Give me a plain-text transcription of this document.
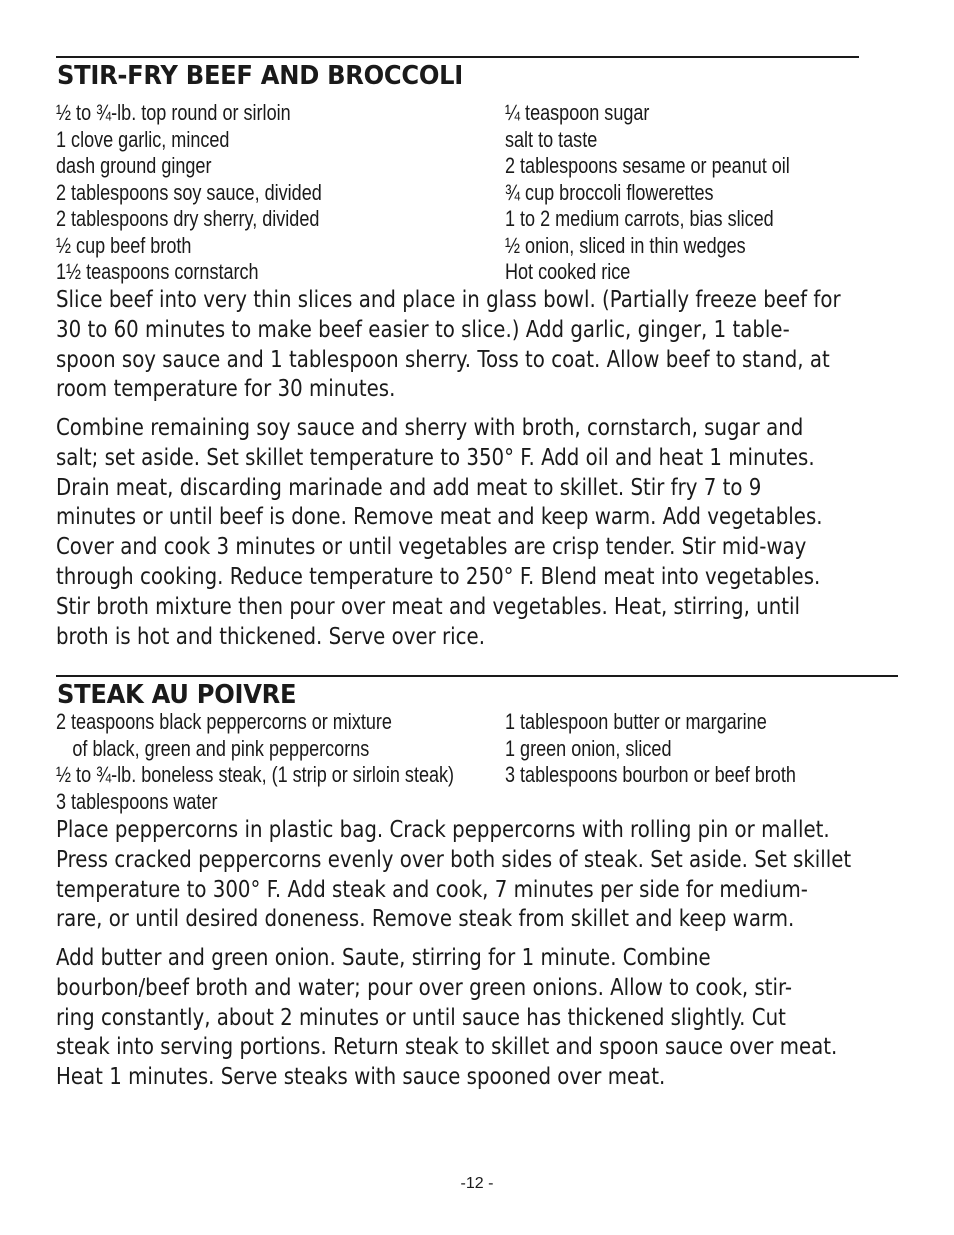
STIR-FRY BEEF AND BROCCOLI
½ to ¾-lb. top round or sirloin
1 clove garlic, minced
dash ground ginger
2 tablespoons soy sauce, divided
2 tablespoons dry sherry, divided
½ cup beef broth
1½ teaspoons cornstarch
¼ teaspoon sugar
salt to taste
2 tablespoons sesame or peanut oil
¾ cup broccoli flowerettes
1 to 2 medium carrots, bias sliced
½ onion, sliced in thin wedges
Hot cooked rice
Slice beef into very thin slices and place in glass bowl. (Partially freeze beef for
30 to 60 minutes to make beef easier to slice.) Add garlic, ginger, 1 table-
spoon soy sauce and 1 tablespoon sherry. Toss to coat. Allow beef to stand, at
room temperature for 30 minutes.
Combine remaining soy sauce and sherry with broth, cornstarch, sugar and
salt; set aside. Set skillet temperature to 350° F. Add oil and heat 1 minutes.
Drain meat, discarding marinade and add meat to skillet. Stir fry 7 to 9
minutes or until beef is done. Remove meat and keep warm. Add vegetables.
Cover and cook 3 minutes or until vegetables are crisp tender. Stir mid-way
through cooking. Reduce temperature to 250° F. Blend meat into vegetables.
Stir broth mixture then pour over meat and vegetables. Heat, stirring, until
broth is hot and thickened. Serve over rice.
STEAK AU POIVRE
2 teaspoons black peppercorns or mixture
of black, green and pink peppercorns
½ to ¾-lb. boneless steak, (1 strip or sirloin steak)
3 tablespoons water
1 tablespoon butter or margarine
1 green onion, sliced
3 tablespoons bourbon or beef broth
Place peppercorns in plastic bag. Crack peppercorns with rolling pin or mallet.
Press cracked peppercorns evenly over both sides of steak. Set aside. Set skillet
temperature to 300° F. Add steak and cook, 7 minutes per side for medium-
rare, or until desired doneness. Remove steak from skillet and keep warm.
Add butter and green onion. Saute, stirring for 1 minute. Combine
bourbon/beef broth and water; pour over green onions. Allow to cook, stir-
ring constantly, about 2 minutes or until sauce has thickened slightly. Cut
steak into serving portions. Return steak to skillet and spoon sauce over meat.
Heat 1 minutes. Serve steaks with sauce spooned over meat.
-12 -
